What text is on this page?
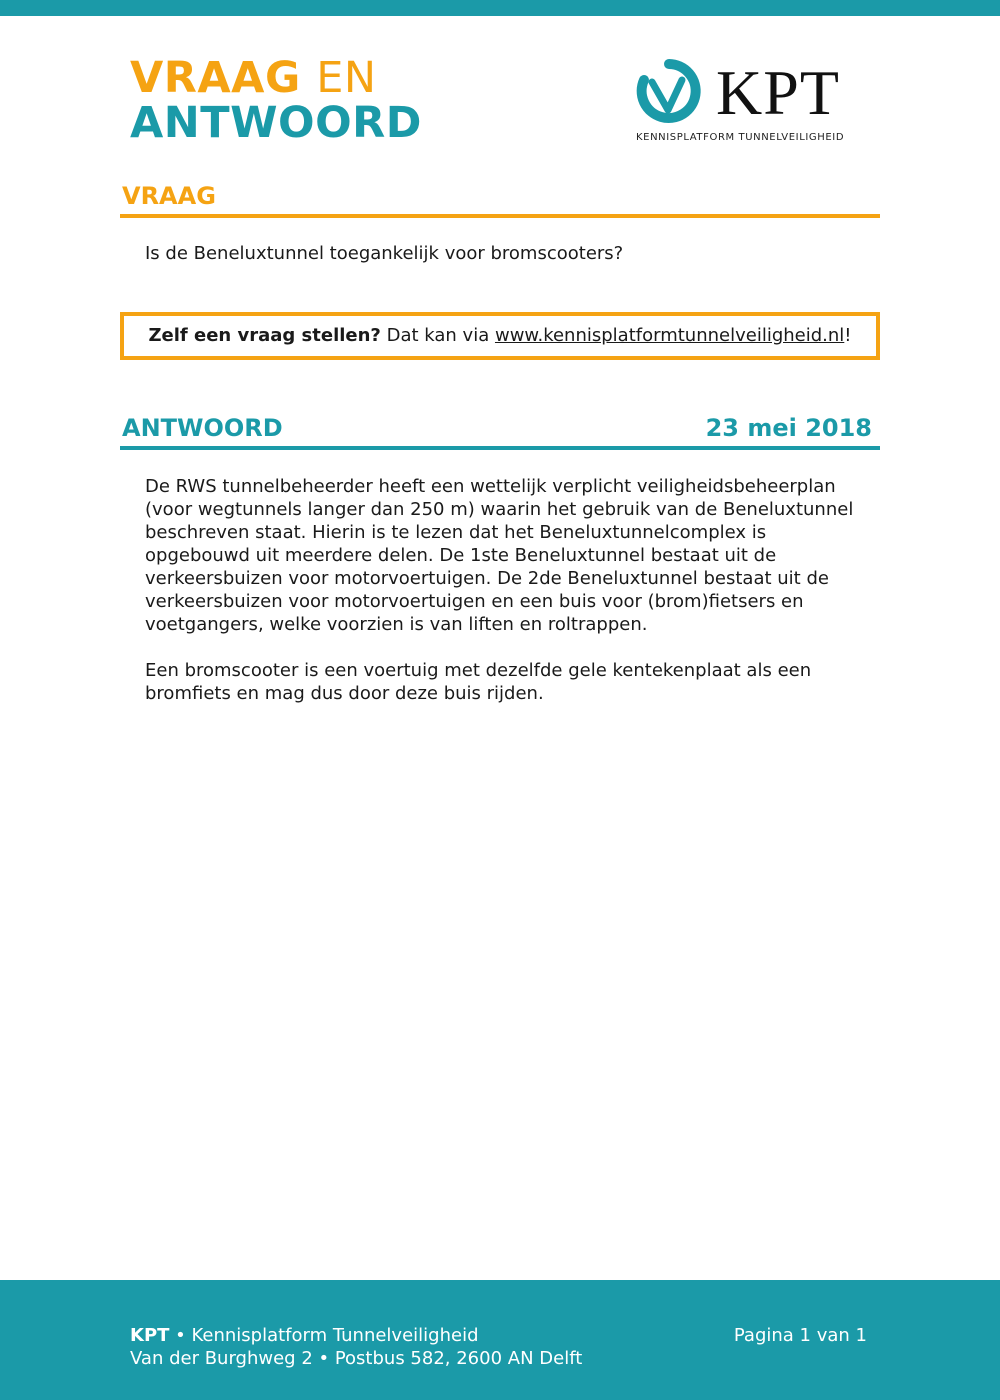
VRAAG EN
ANTWOORD	KPT
KENNISPLATFORM TUNNELVEILIGHEID
VRAAG
Is de Beneluxtunnel toegankelijk voor bromscooters?
Zelf een vraag stellen? Dat kan via www.kennisplatformtunnelveiligheid.nl!
ANTWOORD	23 mei 2018

De RWS tunnelbeheerder heeft een wettelijk verplicht veiligheidsbeheerplan (voor wegtunnels langer dan 250 m) waarin het gebruik van de Beneluxtunnel beschreven staat. Hierin is te lezen dat het Beneluxtunnelcomplex is opgebouwd uit meerdere delen. De 1ste Beneluxtunnel bestaat uit de verkeersbuizen voor motorvoertuigen. De 2de Beneluxtunnel bestaat uit de verkeersbuizen voor motorvoertuigen en een buis voor (brom)fietsers en voetgangers, welke voorzien is van liften en roltrappen.

Een bromscooter is een voertuig met dezelfde gele kentekenplaat als een bromfiets en mag dus door deze buis rijden.

KPT • Kennisplatform Tunnelveiligheid
Van der Burghweg 2 • Postbus 582, 2600 AN Delft
Pagina 1 van 1
